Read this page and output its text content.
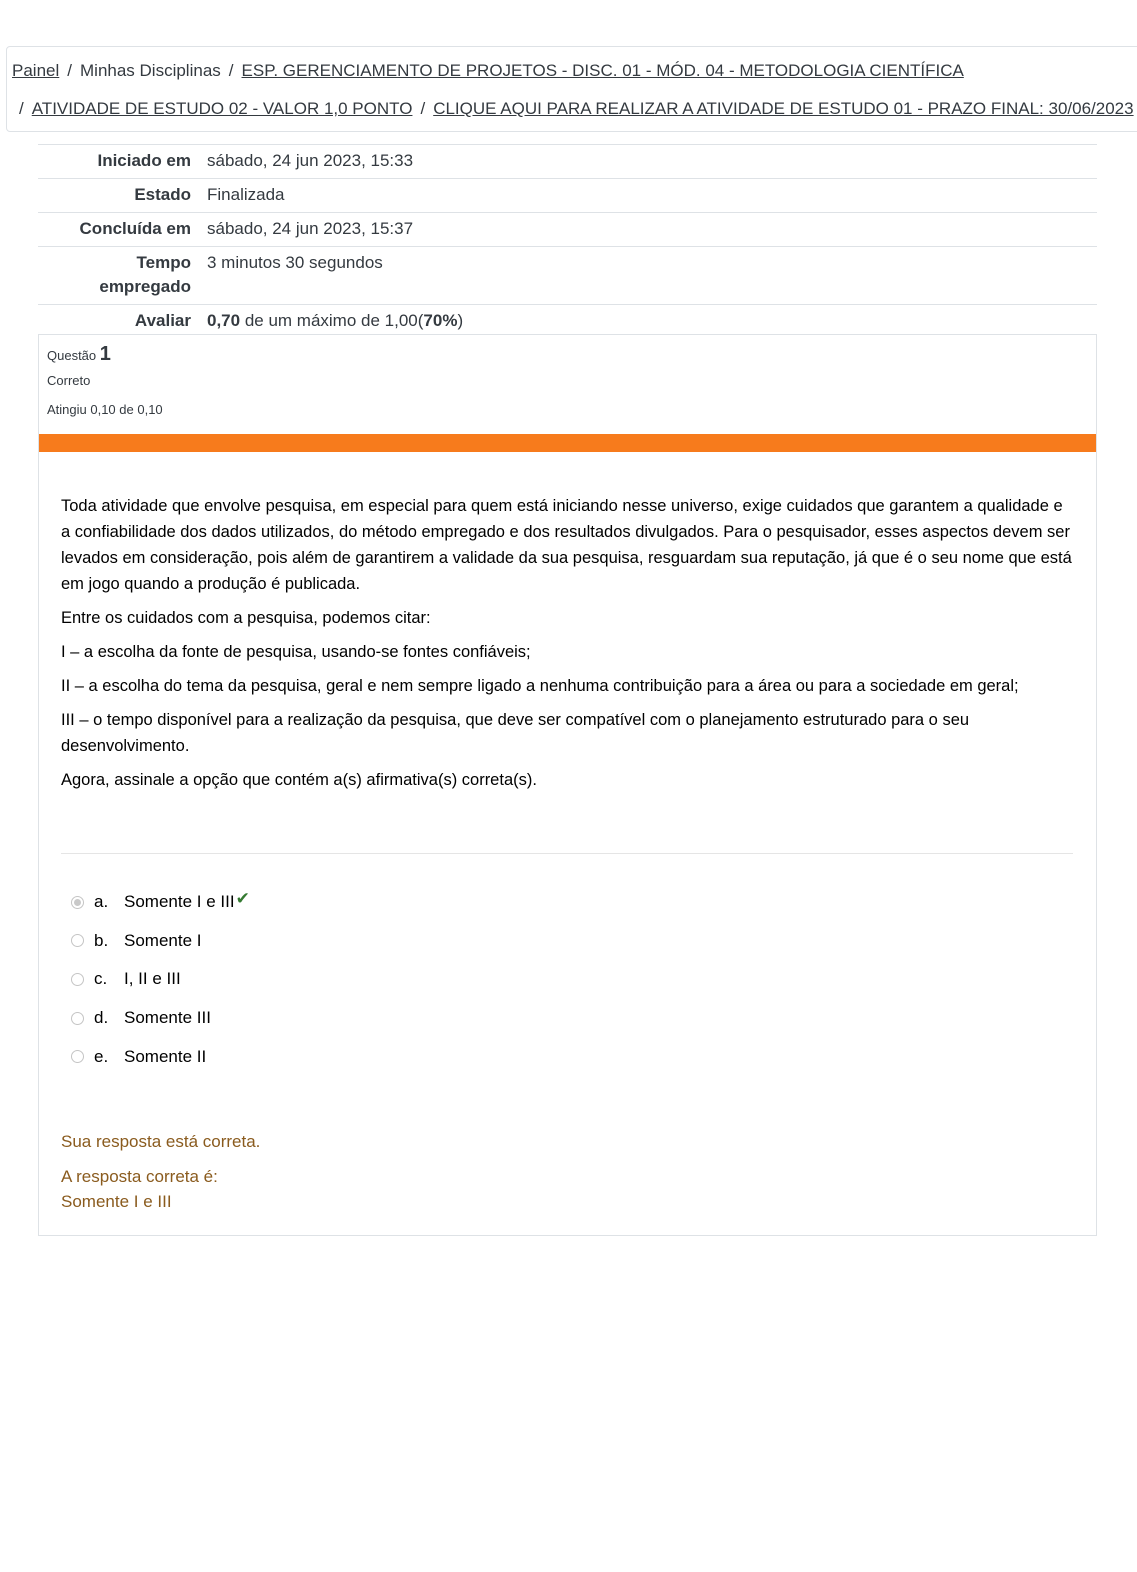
Painel / Minhas Disciplinas / ESP. GERENCIAMENTO DE PROJETOS - DISC. 01 - MÓD. 04 - METODOLOGIA CIENTÍFICA
/ ATIVIDADE DE ESTUDO 02 - VALOR 1,0 PONTO / CLIQUE AQUI PARA REALIZAR A ATIVIDADE DE ESTUDO 01 - PRAZO FINAL: 30/06/2023
Iniciado em	sábado, 24 jun 2023, 15:33
Estado	Finalizada
Concluída em	sábado, 24 jun 2023, 15:37
Tempo
empregado	3 minutos 30 segundos
Avaliar	0,70 de um máximo de 1,00(70%)
Questão 1
Correto
Atingiu 0,10 de 0,10

Toda atividade que envolve pesquisa, em especial para quem está iniciando nesse universo, exige cuidados que garantem a qualidade e a confiabilidade dos dados utilizados, do método empregado e dos resultados divulgados. Para o pesquisador, esses aspectos devem ser levados em consideração, pois além de garantirem a validade da sua pesquisa, resguardam sua reputação, já que é o seu nome que está em jogo quando a produção é publicada.

Entre os cuidados com a pesquisa, podemos citar:

I – a escolha da fonte de pesquisa, usando-se fontes confiáveis;

II – a escolha do tema da pesquisa, geral e nem sempre ligado a nenhuma contribuição para a área ou para a sociedade em geral;

III – o tempo disponível para a realização da pesquisa, que deve ser compatível com o planejamento estruturado para o seu desenvolvimento.

Agora, assinale a opção que contém a(s) afirmativa(s) correta(s).

a. Somente I e III ✔
b. Somente I
c. I, II e III
d. Somente III
e. Somente II
Sua resposta está correta.
A resposta correta é:
Somente I e III
